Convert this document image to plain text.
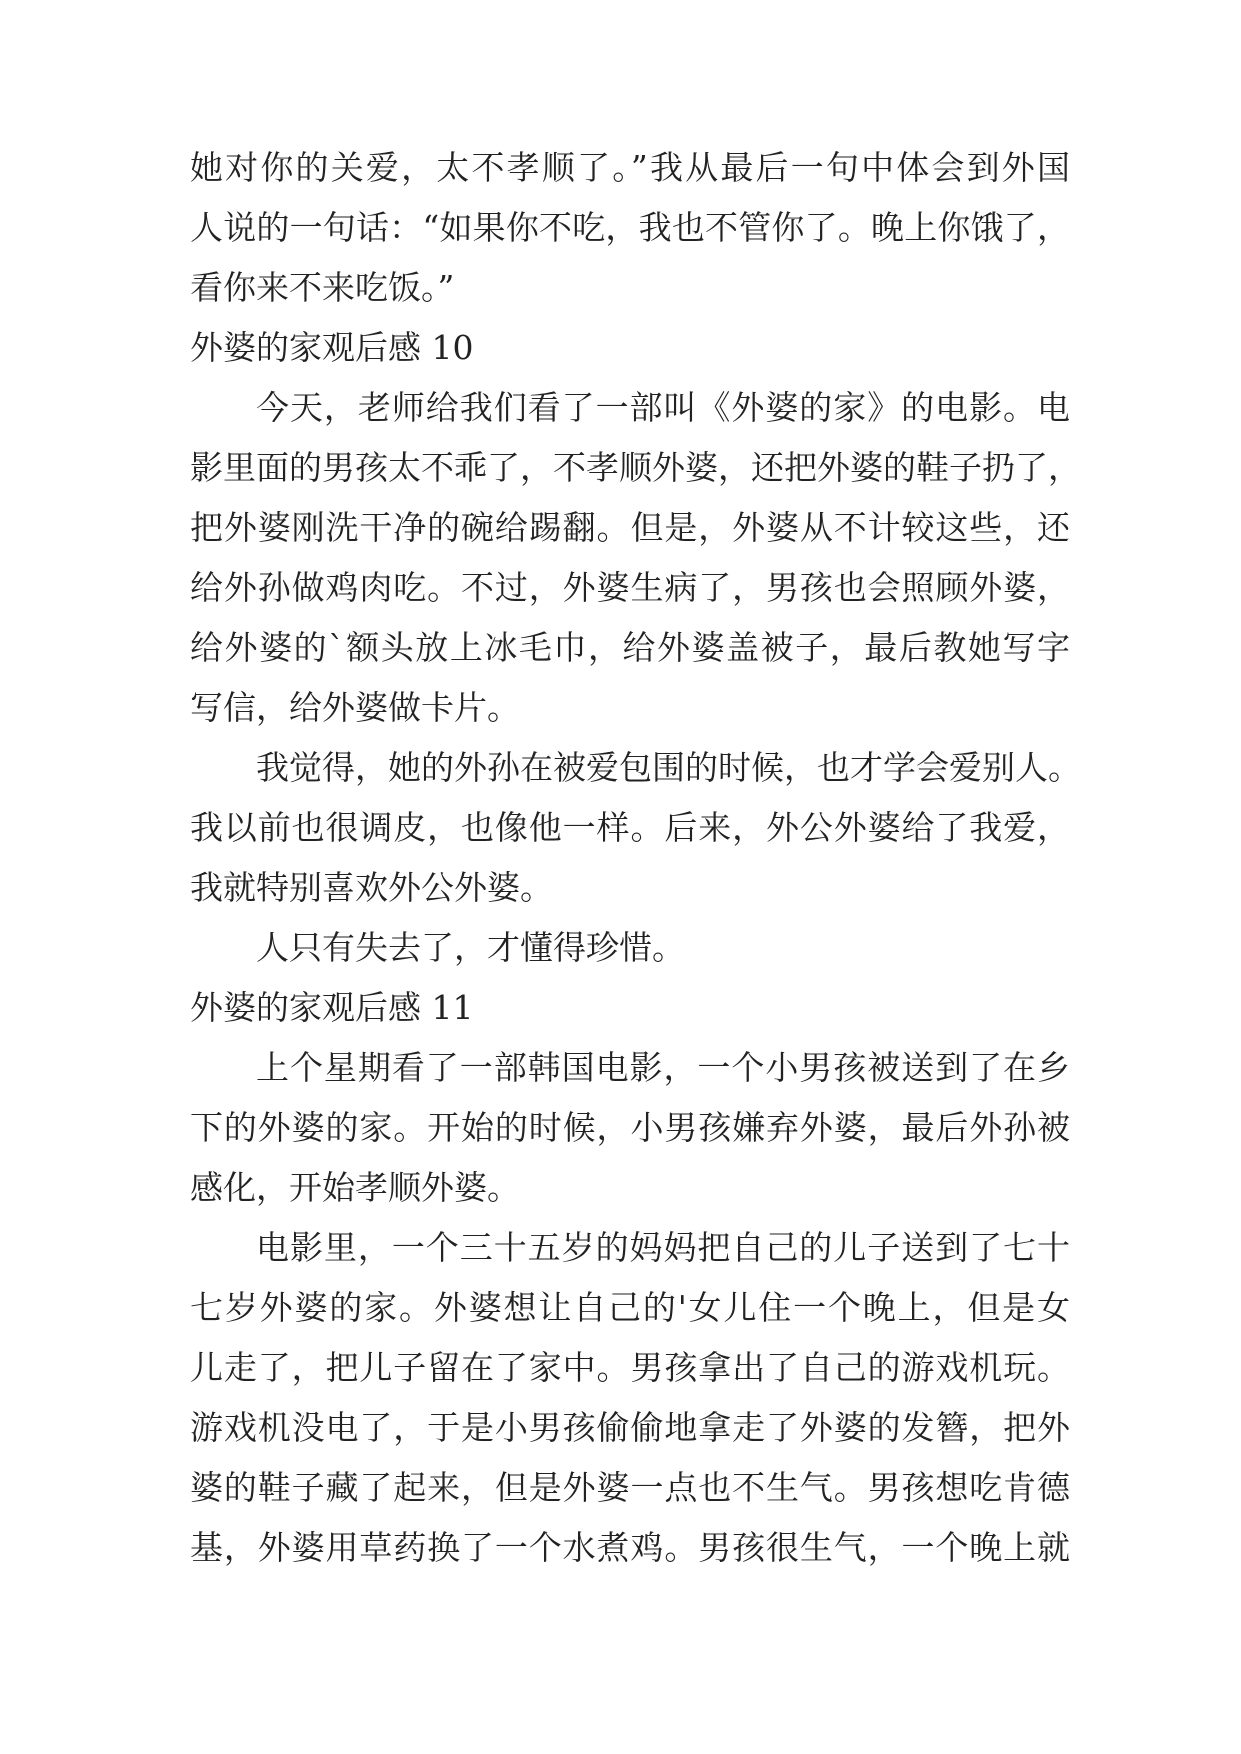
她对你的关爱，太不孝顺了。”我从最后一句中体会到外国
人说的一句话：“如果你不吃，我也不管你了。晚上你饿了，
看你来不来吃饭。”
外婆的家观后感 10
今天，老师给我们看了一部叫《外婆的家》的电影。电
影里面的男孩太不乖了，不孝顺外婆，还把外婆的鞋子扔了，
把外婆刚洗干净的碗给踢翻。但是，外婆从不计较这些，还
给外孙做鸡肉吃。不过，外婆生病了，男孩也会照顾外婆，
给外婆的`额头放上冰毛巾，给外婆盖被子，最后教她写字
写信，给外婆做卡片。
我觉得，她的外孙在被爱包围的时候，也才学会爱别人。
我以前也很调皮，也像他一样。后来，外公外婆给了我爱，
我就特别喜欢外公外婆。
人只有失去了，才懂得珍惜。
外婆的家观后感 11
上个星期看了一部韩国电影，一个小男孩被送到了在乡
下的外婆的家。开始的时候，小男孩嫌弃外婆，最后外孙被
感化，开始孝顺外婆。
电影里，一个三十五岁的妈妈把自己的儿子送到了七十
七岁外婆的家。外婆想让自己的'女儿住一个晚上，但是女
儿走了，把儿子留在了家中。男孩拿出了自己的游戏机玩。
游戏机没电了，于是小男孩偷偷地拿走了外婆的发簪，把外
婆的鞋子藏了起来，但是外婆一点也不生气。男孩想吃肯德
基，外婆用草药换了一个水煮鸡。男孩很生气，一个晚上就
